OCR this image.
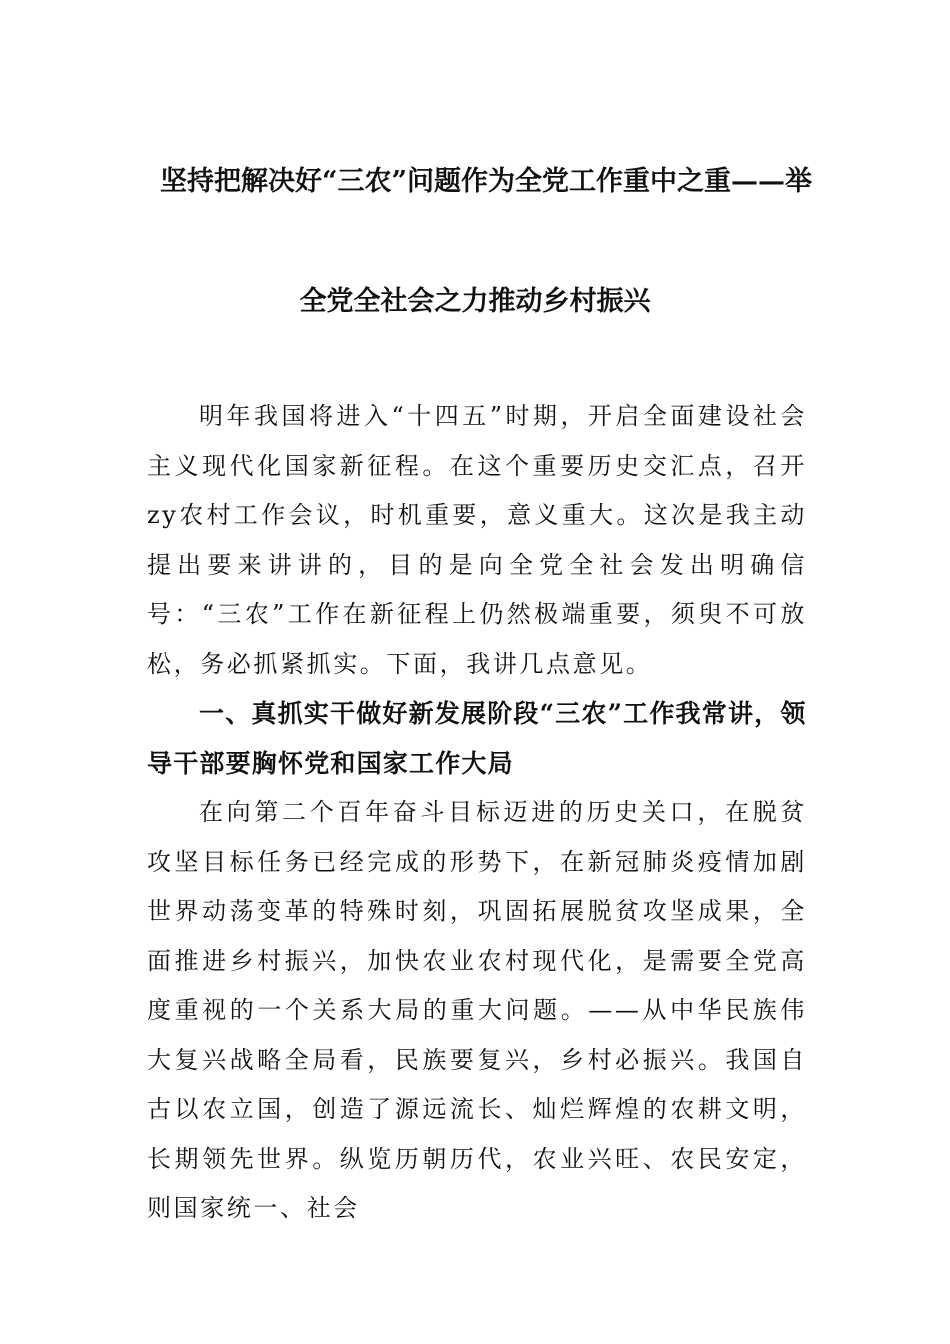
坚持把解决好“三农”问题作为全党工作重中之重——举
全党全社会之力推动乡村振兴

明年我国将进入“十四五”时期，开启全面建设社会主义现代化国家新征程。在这个重要历史交汇点，召开zy农村工作会议，时机重要，意义重大。这次是我主动提出要来讲讲的，目的是向全党全社会发出明确信号：“三农”工作在新征程上仍然极端重要，须臾不可放松，务必抓紧抓实。下面，我讲几点意见。

一、真抓实干做好新发展阶段“三农”工作我常讲，领导干部要胸怀党和国家工作大局

在向第二个百年奋斗目标迈进的历史关口，在脱贫攻坚目标任务已经完成的形势下，在新冠肺炎疫情加剧世界动荡变革的特殊时刻，巩固拓展脱贫攻坚成果，全面推进乡村振兴，加快农业农村现代化，是需要全党高度重视的一个关系大局的重大问题。——从中华民族伟大复兴战略全局看，民族要复兴，乡村必振兴。我国自古以农立国，创造了源远流长、灿烂辉煌的农耕文明，长期领先世界。纵览历朝历代，农业兴旺、农民安定，则国家统一、社会
